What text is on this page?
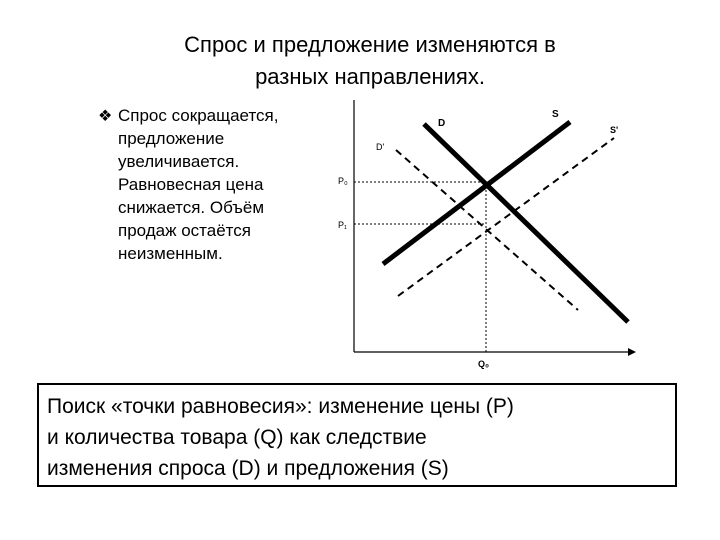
Спрос и предложение изменяются в
разных направлениях.
❖ Спрос сокращается,
предложение
увеличивается.
Равновесная цена
снижается. Объём
продаж остаётся
неизменным.
D
D'
S
S'
P₀
P₁
Q₀
Поиск «точки равновесия»: изменение цены (P)
и количества товара (Q) как следствие
изменения спроса (D) и предложения (S)
